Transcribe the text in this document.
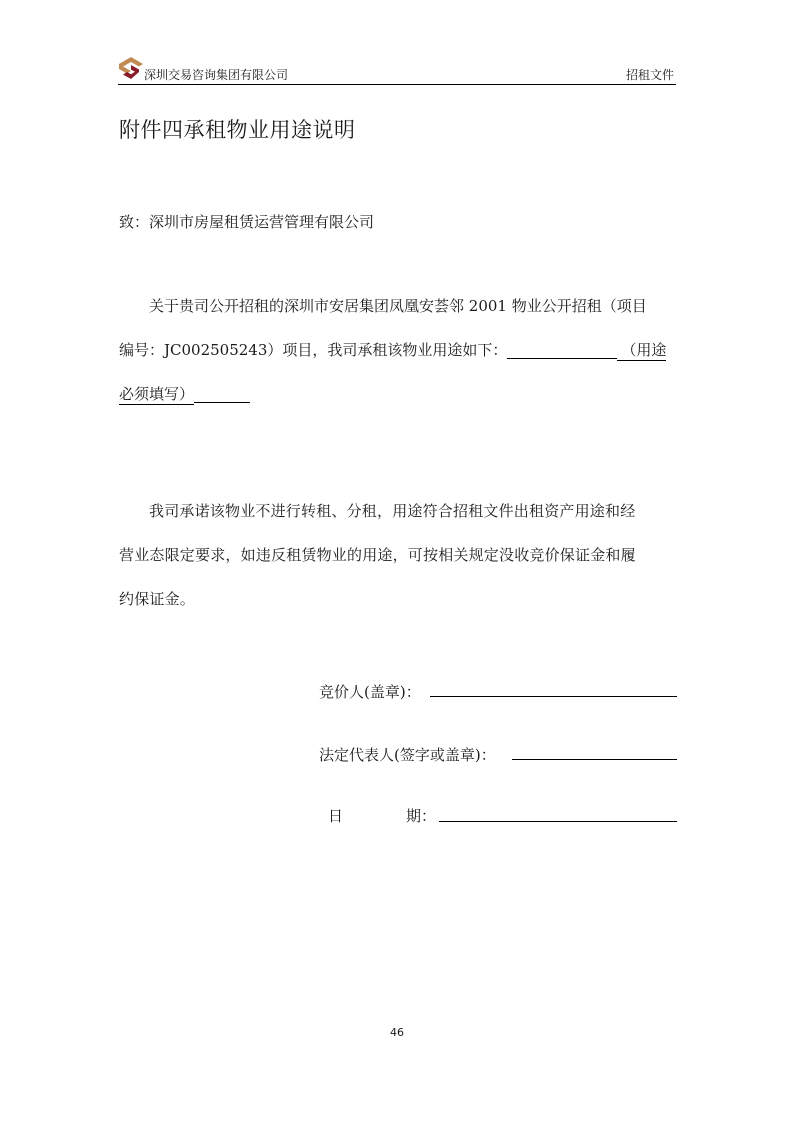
深圳交易咨询集团有限公司	招租文件
附件四承租物业用途说明
致：深圳市房屋租赁运营管理有限公司
关于贵司公开招租的深圳市安居集团凤凰安荟邻 2001 物业公开招租（项目
编号：JC002505243）项目，我司承租该物业用途如下：	（用途
必须填写）
我司承诺该物业不进行转租、分租，用途符合招租文件出租资产用途和经
营业态限定要求，如违反租赁物业的用途，可按相关规定没收竞价保证金和履
约保证金。
竞价人(盖章)：
法定代表人(签字或盖章)：
日	期：
46
